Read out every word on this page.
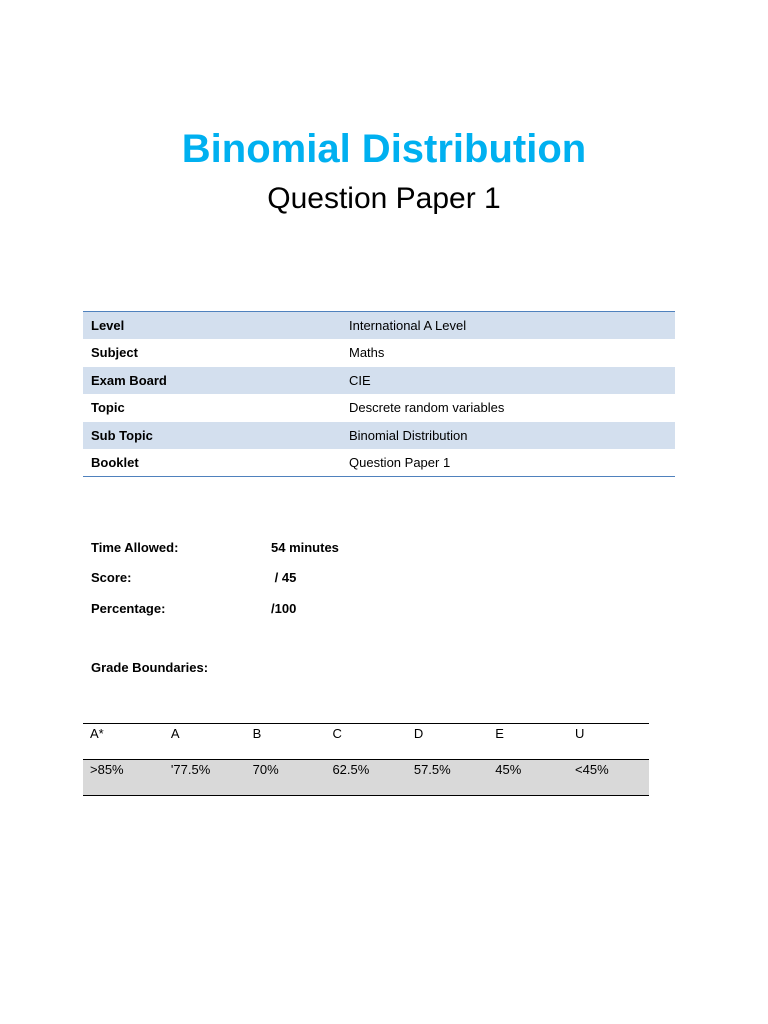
Binomial Distribution
Question Paper 1
Level	International A Level
Subject	Maths
Exam Board	CIE
Topic	Descrete random variables
Sub Topic	Binomial Distribution
Booklet	Question Paper 1
Time Allowed:	54 minutes
Score:	/ 45
Percentage:	/100
Grade Boundaries:
A*	A	B	C	D	E	U
>85%	'77.5%	70%	62.5%	57.5%	45%	<45%
